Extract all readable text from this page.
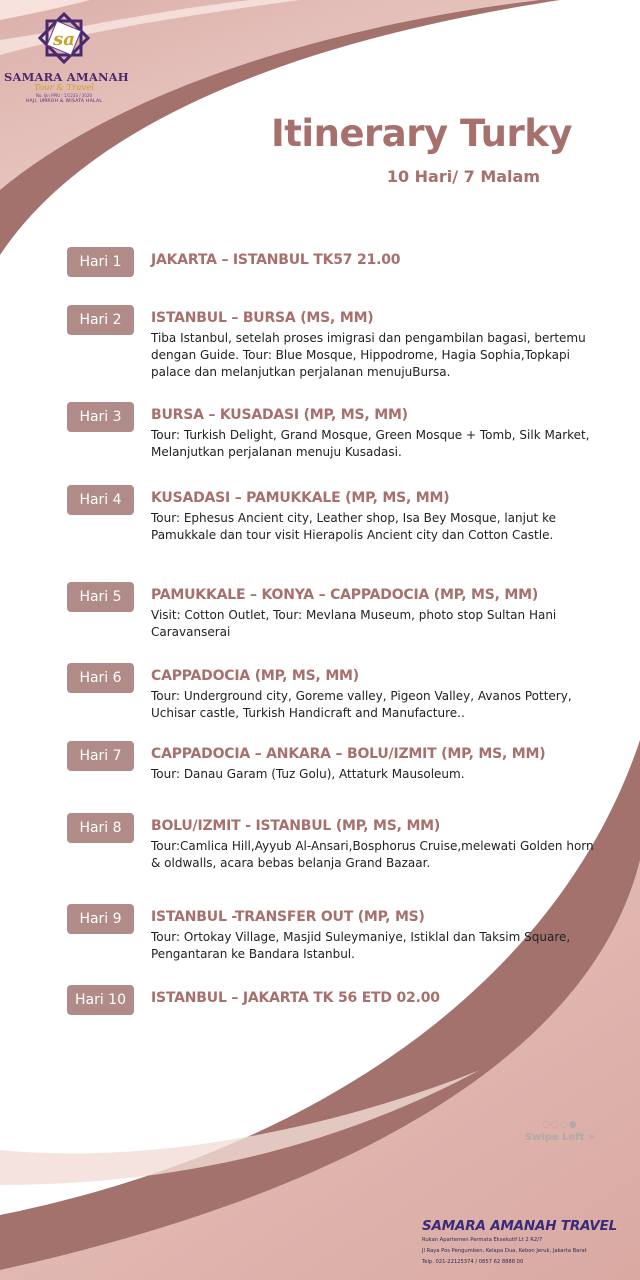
sa
SAMARA AMANAH
Tour & Travel
No. Ijin PPIU : 1/1233 / 2020
HAJI, UMROH & WISATA HALAL
Itinerary Turky
10 Hari/ 7 Malam
Hari 1	JAKARTA – ISTANBUL TK57 21.00
Hari 2	ISTANBUL – BURSA (MS, MM)
Tiba Istanbul, setelah proses imigrasi dan pengambilan bagasi, bertemu dengan Guide. Tour: Blue Mosque, Hippodrome, Hagia Sophia,Topkapi palace dan melanjutkan perjalanan menujuBursa.
Hari 3	BURSA – KUSADASI (MP, MS, MM)
Tour: Turkish Delight, Grand Mosque, Green Mosque + Tomb, Silk Market, Melanjutkan perjalanan menuju Kusadasi.
Hari 4	KUSADASI – PAMUKKALE (MP, MS, MM)
Tour: Ephesus Ancient city, Leather shop, Isa Bey Mosque, lanjut ke Pamukkale dan tour visit Hierapolis Ancient city dan Cotton Castle.
Hari 5	PAMUKKALE – KONYA – CAPPADOCIA (MP, MS, MM)
Visit: Cotton Outlet, Tour: Mevlana Museum, photo stop Sultan Hani Caravanserai
Hari 6	CAPPADOCIA (MP, MS, MM)
Tour: Underground city, Goreme valley, Pigeon Valley, Avanos Pottery, Uchisar castle, Turkish Handicraft and Manufacture..
Hari 7	CAPPADOCIA – ANKARA – BOLU/IZMIT (MP, MS, MM)
Tour: Danau Garam (Tuz Golu), Attaturk Mausoleum.
Hari 8	BOLU/IZMIT - ISTANBUL (MP, MS, MM)
Tour:Camlica Hill,Ayyub Al-Ansari,Bosphorus Cruise,melewati Golden horn & oldwalls, acara bebas belanja Grand Bazaar.
Hari 9	ISTANBUL -TRANSFER OUT (MP, MS)
Tour: Ortokay Village, Masjid Suleymaniye, Istiklal dan Taksim Square, Pengantaran ke Bandara Istanbul.
Hari 10	ISTANBUL – JAKARTA TK 56 ETD 02.00
○○○●
Swipe Left »
SAMARA AMANAH TRAVEL
Rukan Apartemen Permata Eksekutif Lt 2 R2/7
Jl Raya Pos Pengumben, Kelapa Dua, Kebon Jeruk, Jakarta Barat
Telp. 021-22125374 / 0857 62 8888 00
